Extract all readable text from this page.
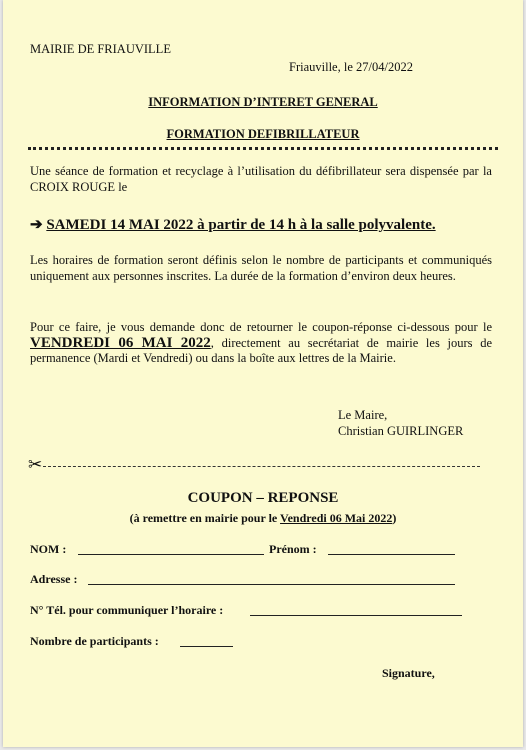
MAIRIE DE FRIAUVILLE
Friauville, le 27/04/2022
INFORMATION D’INTERET GENERAL
FORMATION DEFIBRILLATEUR
Une séance de formation et recyclage à l’utilisation du défibrillateur sera dispensée par la CROIX ROUGE le
➔ SAMEDI 14 MAI 2022 à partir de 14 h à la salle polyvalente.
Les horaires de formation seront définis selon le nombre de participants et communiqués uniquement aux personnes inscrites. La durée de la formation d’environ deux heures.
Pour ce faire, je vous demande donc de retourner le coupon-réponse ci-dessous pour le VENDREDI 06 MAI 2022, directement au secrétariat de mairie les jours de permanence (Mardi et Vendredi) ou dans la boîte aux lettres de la Mairie.
Le Maire,
Christian GUIRLINGER
✂
COUPON – REPONSE
(à remettre en mairie pour le Vendredi 06 Mai 2022)
NOM :	Prénom :
Adresse :
N° Tél. pour communiquer l’horaire :
Nombre de participants :
Signature,
